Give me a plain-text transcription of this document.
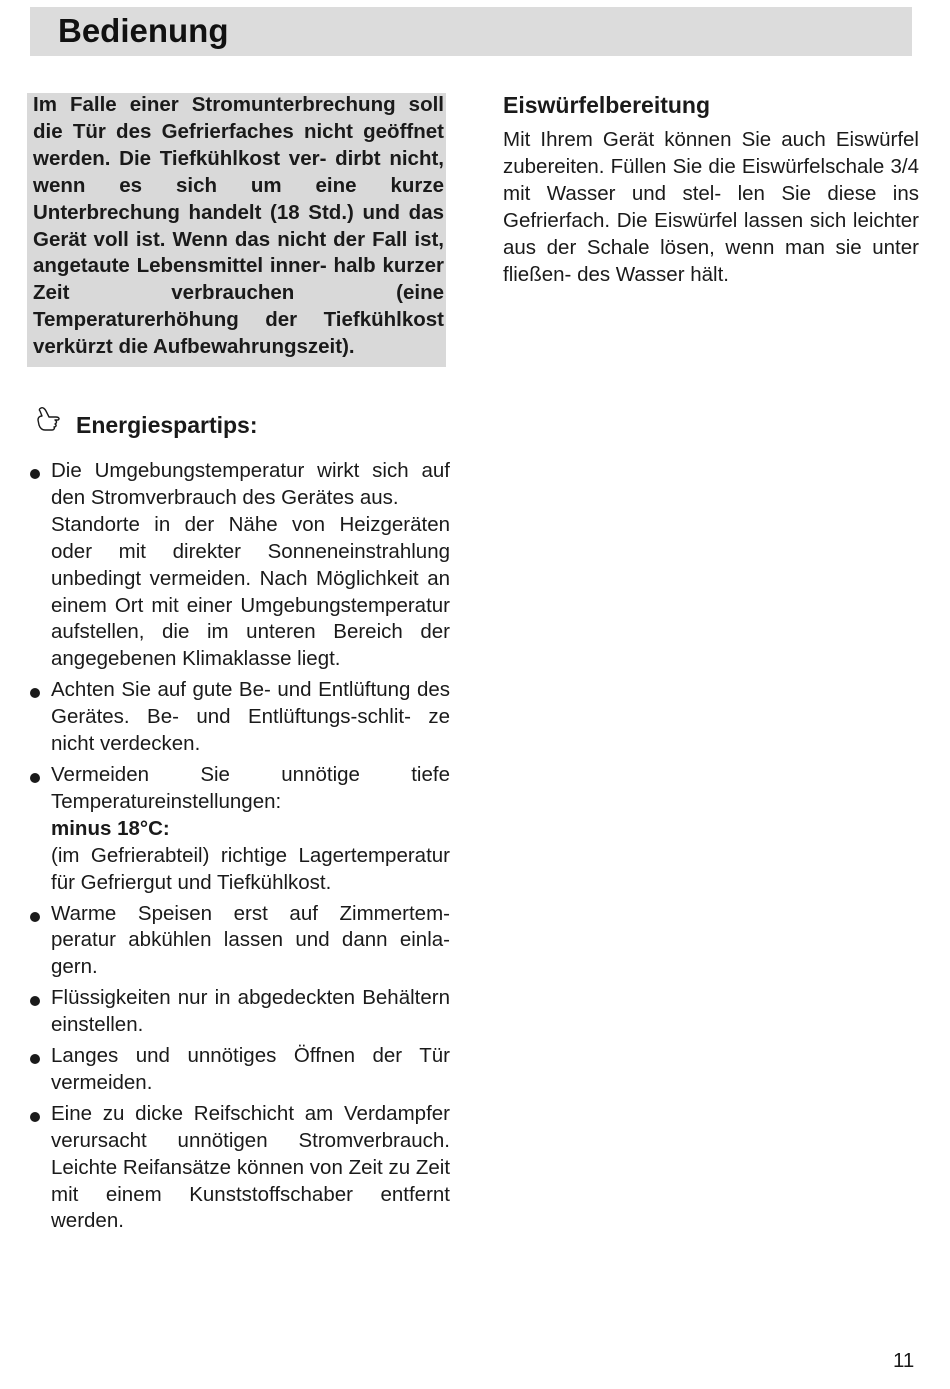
Bedienung
Im Falle einer Stromunterbrechung soll die Tür des Gefrierfaches nicht geöffnet werden. Die Tiefkühlkost ver- dirbt nicht, wenn es sich um eine kurze Unterbrechung handelt (18 Std.) und das Gerät voll ist. Wenn das nicht der Fall ist, angetaute Lebensmittel inner- halb kurzer Zeit verbrauchen (eine Temperaturerhöhung der Tiefkühlkost verkürzt die Aufbewahrungszeit).
Eiswürfelbereitung

Mit Ihrem Gerät können Sie auch Eiswürfel zubereiten. Füllen Sie die Eiswürfelschale 3/4 mit Wasser und stel- len Sie diese ins Gefrierfach. Die Eiswürfel lassen sich leichter aus der Schale lösen, wenn man sie unter fließen- des Wasser hält.

Energiespartips:

Die Umgebungstemperatur wirkt sich auf den Stromverbrauch des Gerätes aus.

Standorte in der Nähe von Heizgeräten oder mit direkter Sonneneinstrahlung unbedingt vermeiden. Nach Möglichkeit an einem Ort mit einer Umgebungstemperatur aufstellen, die im unteren Bereich der angegebenen Klimaklasse liegt.

Achten Sie auf gute Be- und Entlüftung des Gerätes. Be- und Entlüftungs-schlit- ze nicht verdecken.

Vermeiden Sie unnötige tiefe Temperatureinstellungen:

minus 18°C:

(im Gefrierabteil) richtige Lagertemperatur für Gefriergut und Tiefkühlkost.

Warme Speisen erst auf Zimmertem- peratur abkühlen lassen und dann einla- gern.

Flüssigkeiten nur in abgedeckten Behältern einstellen.

Langes und unnötiges Öffnen der Tür vermeiden.

Eine zu dicke Reifschicht am Verdampfer verursacht unnötigen Stromverbrauch. Leichte Reifansätze können von Zeit zu Zeit mit einem Kunststoffschaber entfernt werden.

11
